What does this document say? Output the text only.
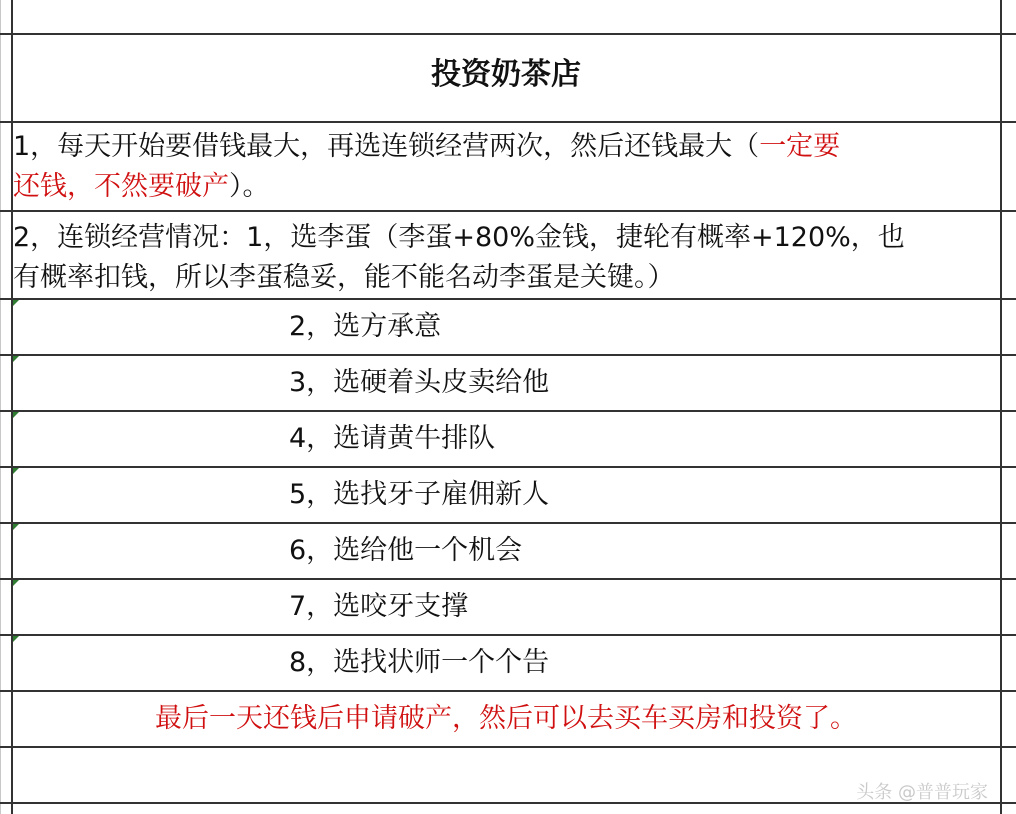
投资奶茶店
1，每天开始要借钱最大，再选连锁经营两次，然后还钱最大（一定要
还钱，不然要破产）。
2，连锁经营情况：1，选李蛋（李蛋+80%金钱，捷轮有概率+120%，也
有概率扣钱，所以李蛋稳妥，能不能名动李蛋是关键。）
2，选方承意
3，选硬着头皮卖给他
4，选请黄牛排队
5，选找牙子雇佣新人
6，选给他一个机会
7，选咬牙支撑
8，选找状师一个个告
最后一天还钱后申请破产，然后可以去买车买房和投资了。
头条 @普普玩家
